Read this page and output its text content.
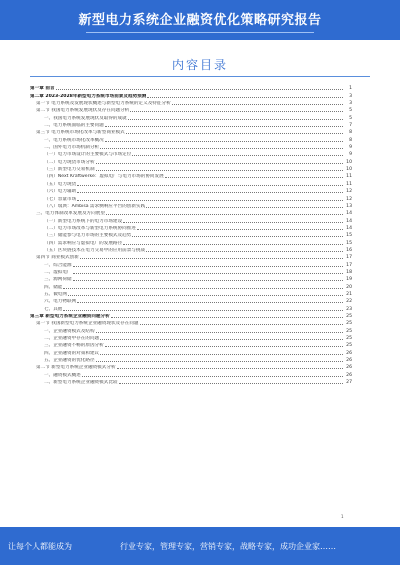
新型电力系统企业融资优化策略研究报告
内容目录
第一章 前言	1
第二章 2023-2028年新型电力系统市场前景及趋势预测	3
第一节 电力系统及发展现状概述与新型电力系统的定义及特征分析	3
第二节 我国电力系统发展现状及存在问题分析	5
一、我国电力系统发展现状及取得的成就	5
二、电力系统面临的主要问题	7
第三节 电力系统市场化改革与新型商业模式	8
一、电力系统市场化改革概况	8
二、国外电力市场机制分析	9
（一）电力市场设计的主要模式与市场定位	9
（二）电力现货市场分析	10
（三）新型电力交易机制	10
（四）Next Kraftwerke：虚拟电厂与电力市场的协同发展	11
（五）电力现货	11
（六）电力辅助	12
（七）容量市场	12
（八）瑞典：Ambisa 需求侧响应平台的创新实践	13
三、电力体制改革发展及方向展望	14
（一）新型电力系统下的电力市场建设	14
（二）电力市场改革与新型电力系统协同推进	14
（三）储能参与电力市场的主要模式及趋势	15
（四）需求响应与虚拟电厂的发展路径	15
（五）区块链技术在电力交易中的应用前景与挑战	16
第四节 商业模式创新	17
一、综合能源	17
二、虚拟电厂	18
三、源网荷储	19
四、储能	20
五、微电网	21
六、电力物联网	22
七、其他	23
第三章 新型电力系统企业融资问题分析	25
第一节 我国新型电力系统企业融资现状及存在问题	25
一、企业融资模式及结构	25
二、企业融资中存在的问题	25
三、企业融资不畅的原因分析	25
四、企业融资的对策和建议	26
五、企业融资的优化路径	26
第二节 新型电力系统企业融资模式分析	26
一、融资模式概述	26
二、新型电力系统企业融资模式比较	27
1
让每个人都能成为	行业专家，管理专家，营销专家，战略专家，成功企业家……
